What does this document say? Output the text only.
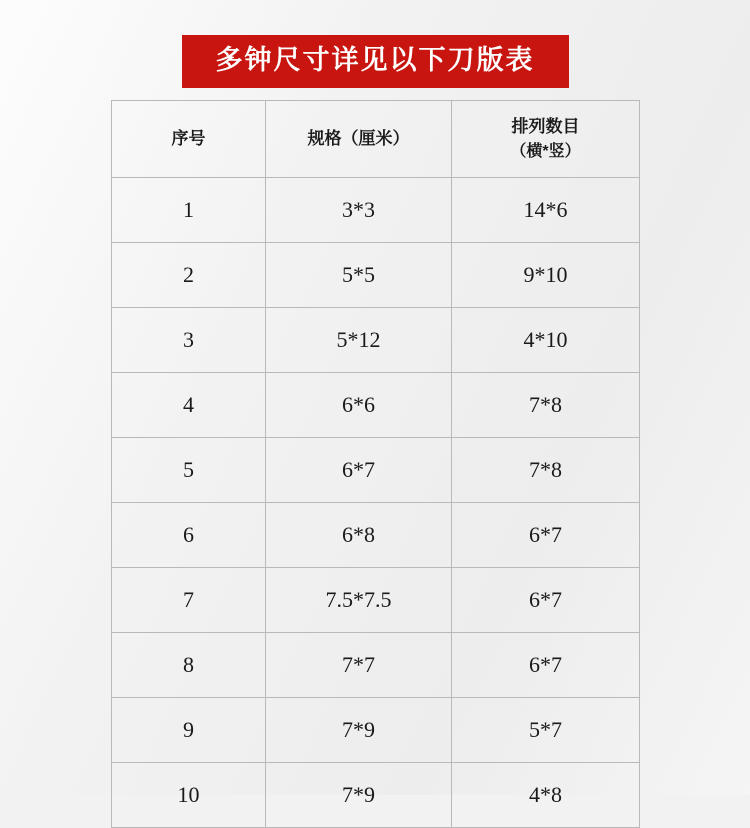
多钟尺寸详见以下刀版表
序号	规格（厘米）	排列数目
（横*竖）

1	3*3	14*6
2	5*5	9*10
3	5*12	4*10
4	6*6	7*8
5	6*7	7*8
6	6*8	6*7
7	7.5*7.5	6*7
8	7*7	6*7
9	7*9	5*7
10	7*9	4*8
